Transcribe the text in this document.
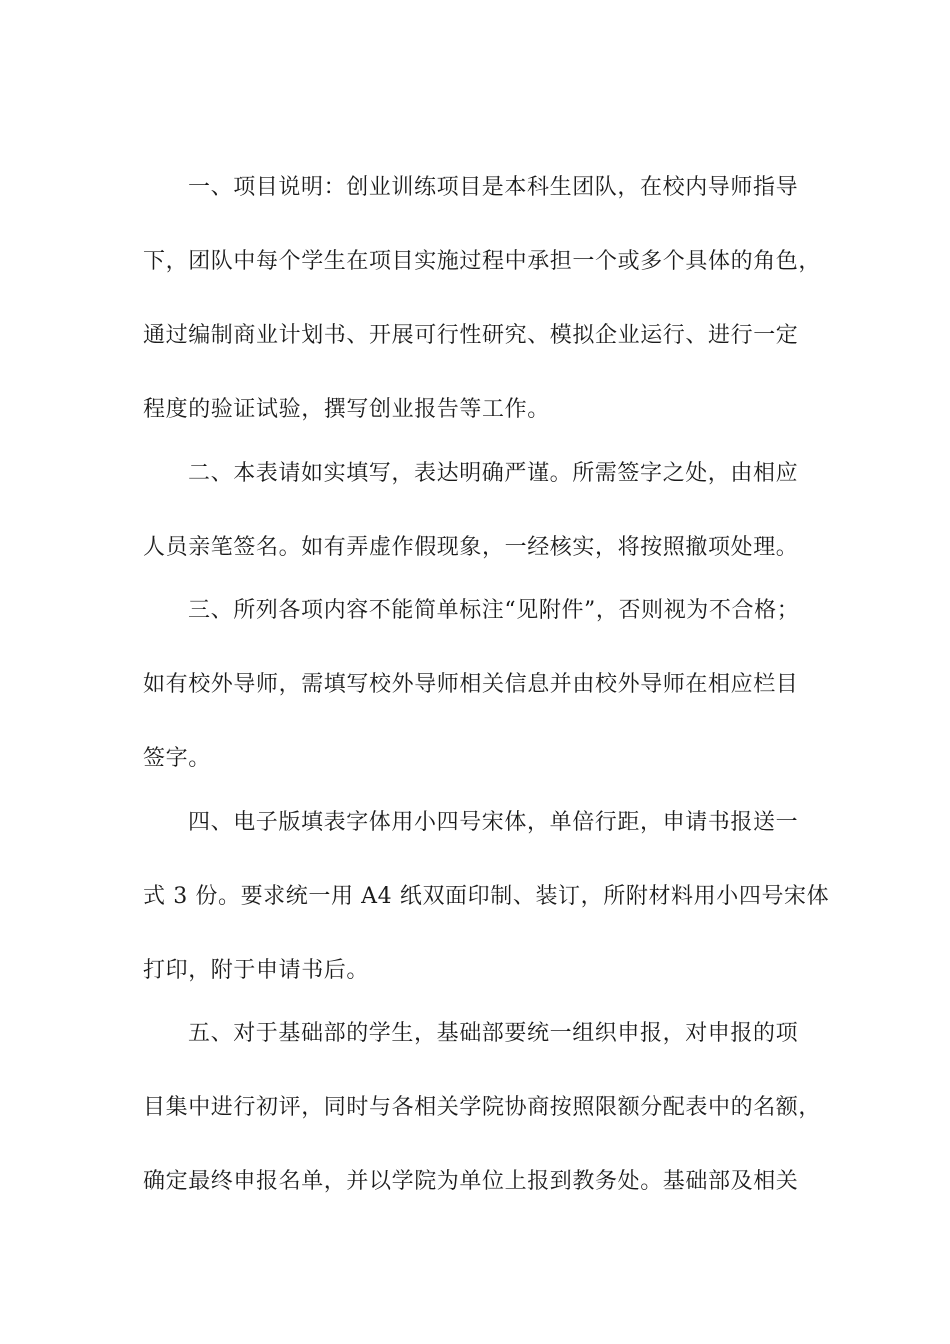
一、项目说明：创业训练项目是本科生团队，在校内导师指导
下，团队中每个学生在项目实施过程中承担一个或多个具体的角色，
通过编制商业计划书、开展可行性研究、模拟企业运行、进行一定
程度的验证试验，撰写创业报告等工作。
二、本表请如实填写，表达明确严谨。所需签字之处，由相应
人员亲笔签名。如有弄虚作假现象，一经核实，将按照撤项处理。
三、所列各项内容不能简单标注“见附件”，否则视为不合格；
如有校外导师，需填写校外导师相关信息并由校外导师在相应栏目
签字。
四、电子版填表字体用小四号宋体，单倍行距，申请书报送一
式 3 份。要求统一用 A4 纸双面印制、装订，所附材料用小四号宋体
打印，附于申请书后。
五、对于基础部的学生，基础部要统一组织申报，对申报的项
目集中进行初评，同时与各相关学院协商按照限额分配表中的名额，
确定最终申报名单，并以学院为单位上报到教务处。基础部及相关
